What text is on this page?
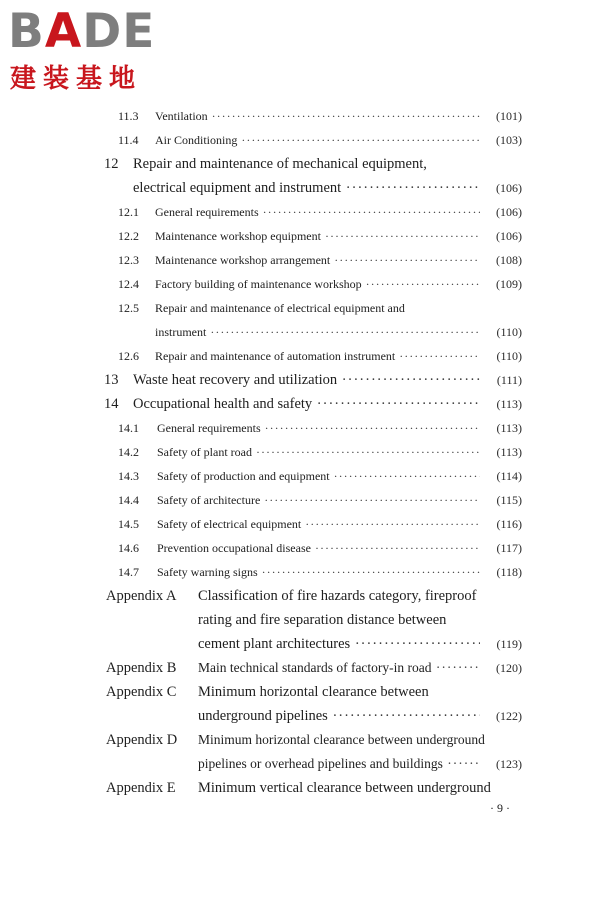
BADE
建装基地
11.3 Ventilation ·····	(101)
11.4 Air Conditioning ·····	(103)
12 Repair and maintenance of mechanical equipment,
electrical equipment and instrument ·····	(106)
12.1 General requirements ·····	(106)
12.2 Maintenance workshop equipment ·····	(106)
12.3 Maintenance workshop arrangement ·····	(108)
12.4 Factory building of maintenance workshop ·····	(109)
12.5 Repair and maintenance of electrical equipment and
instrument ·····	(110)
12.6 Repair and maintenance of automation instrument ·····	(110)
13 Waste heat recovery and utilization ·····	(111)
14 Occupational health and safety ·····	(113)
14.1 General requirements ·····	(113)
14.2 Safety of plant road ·····	(113)
14.3 Safety of production and equipment ·····	(114)
14.4 Safety of architecture ·····	(115)
14.5 Safety of electrical equipment ·····	(116)
14.6 Prevention occupational disease ·····	(117)
14.7 Safety warning signs ·····	(118)
Appendix A Classification of fire hazards category, fireproof
rating and fire separation distance between
cement plant architectures ·····	(119)
Appendix B Main technical standards of factory-in road ·····	(120)
Appendix C Minimum horizontal clearance between
underground pipelines ·····	(122)
Appendix D Minimum horizontal clearance between underground
pipelines or overhead pipelines and buildings ·····	(123)
Appendix E Minimum vertical clearance between underground
· 9 ·
